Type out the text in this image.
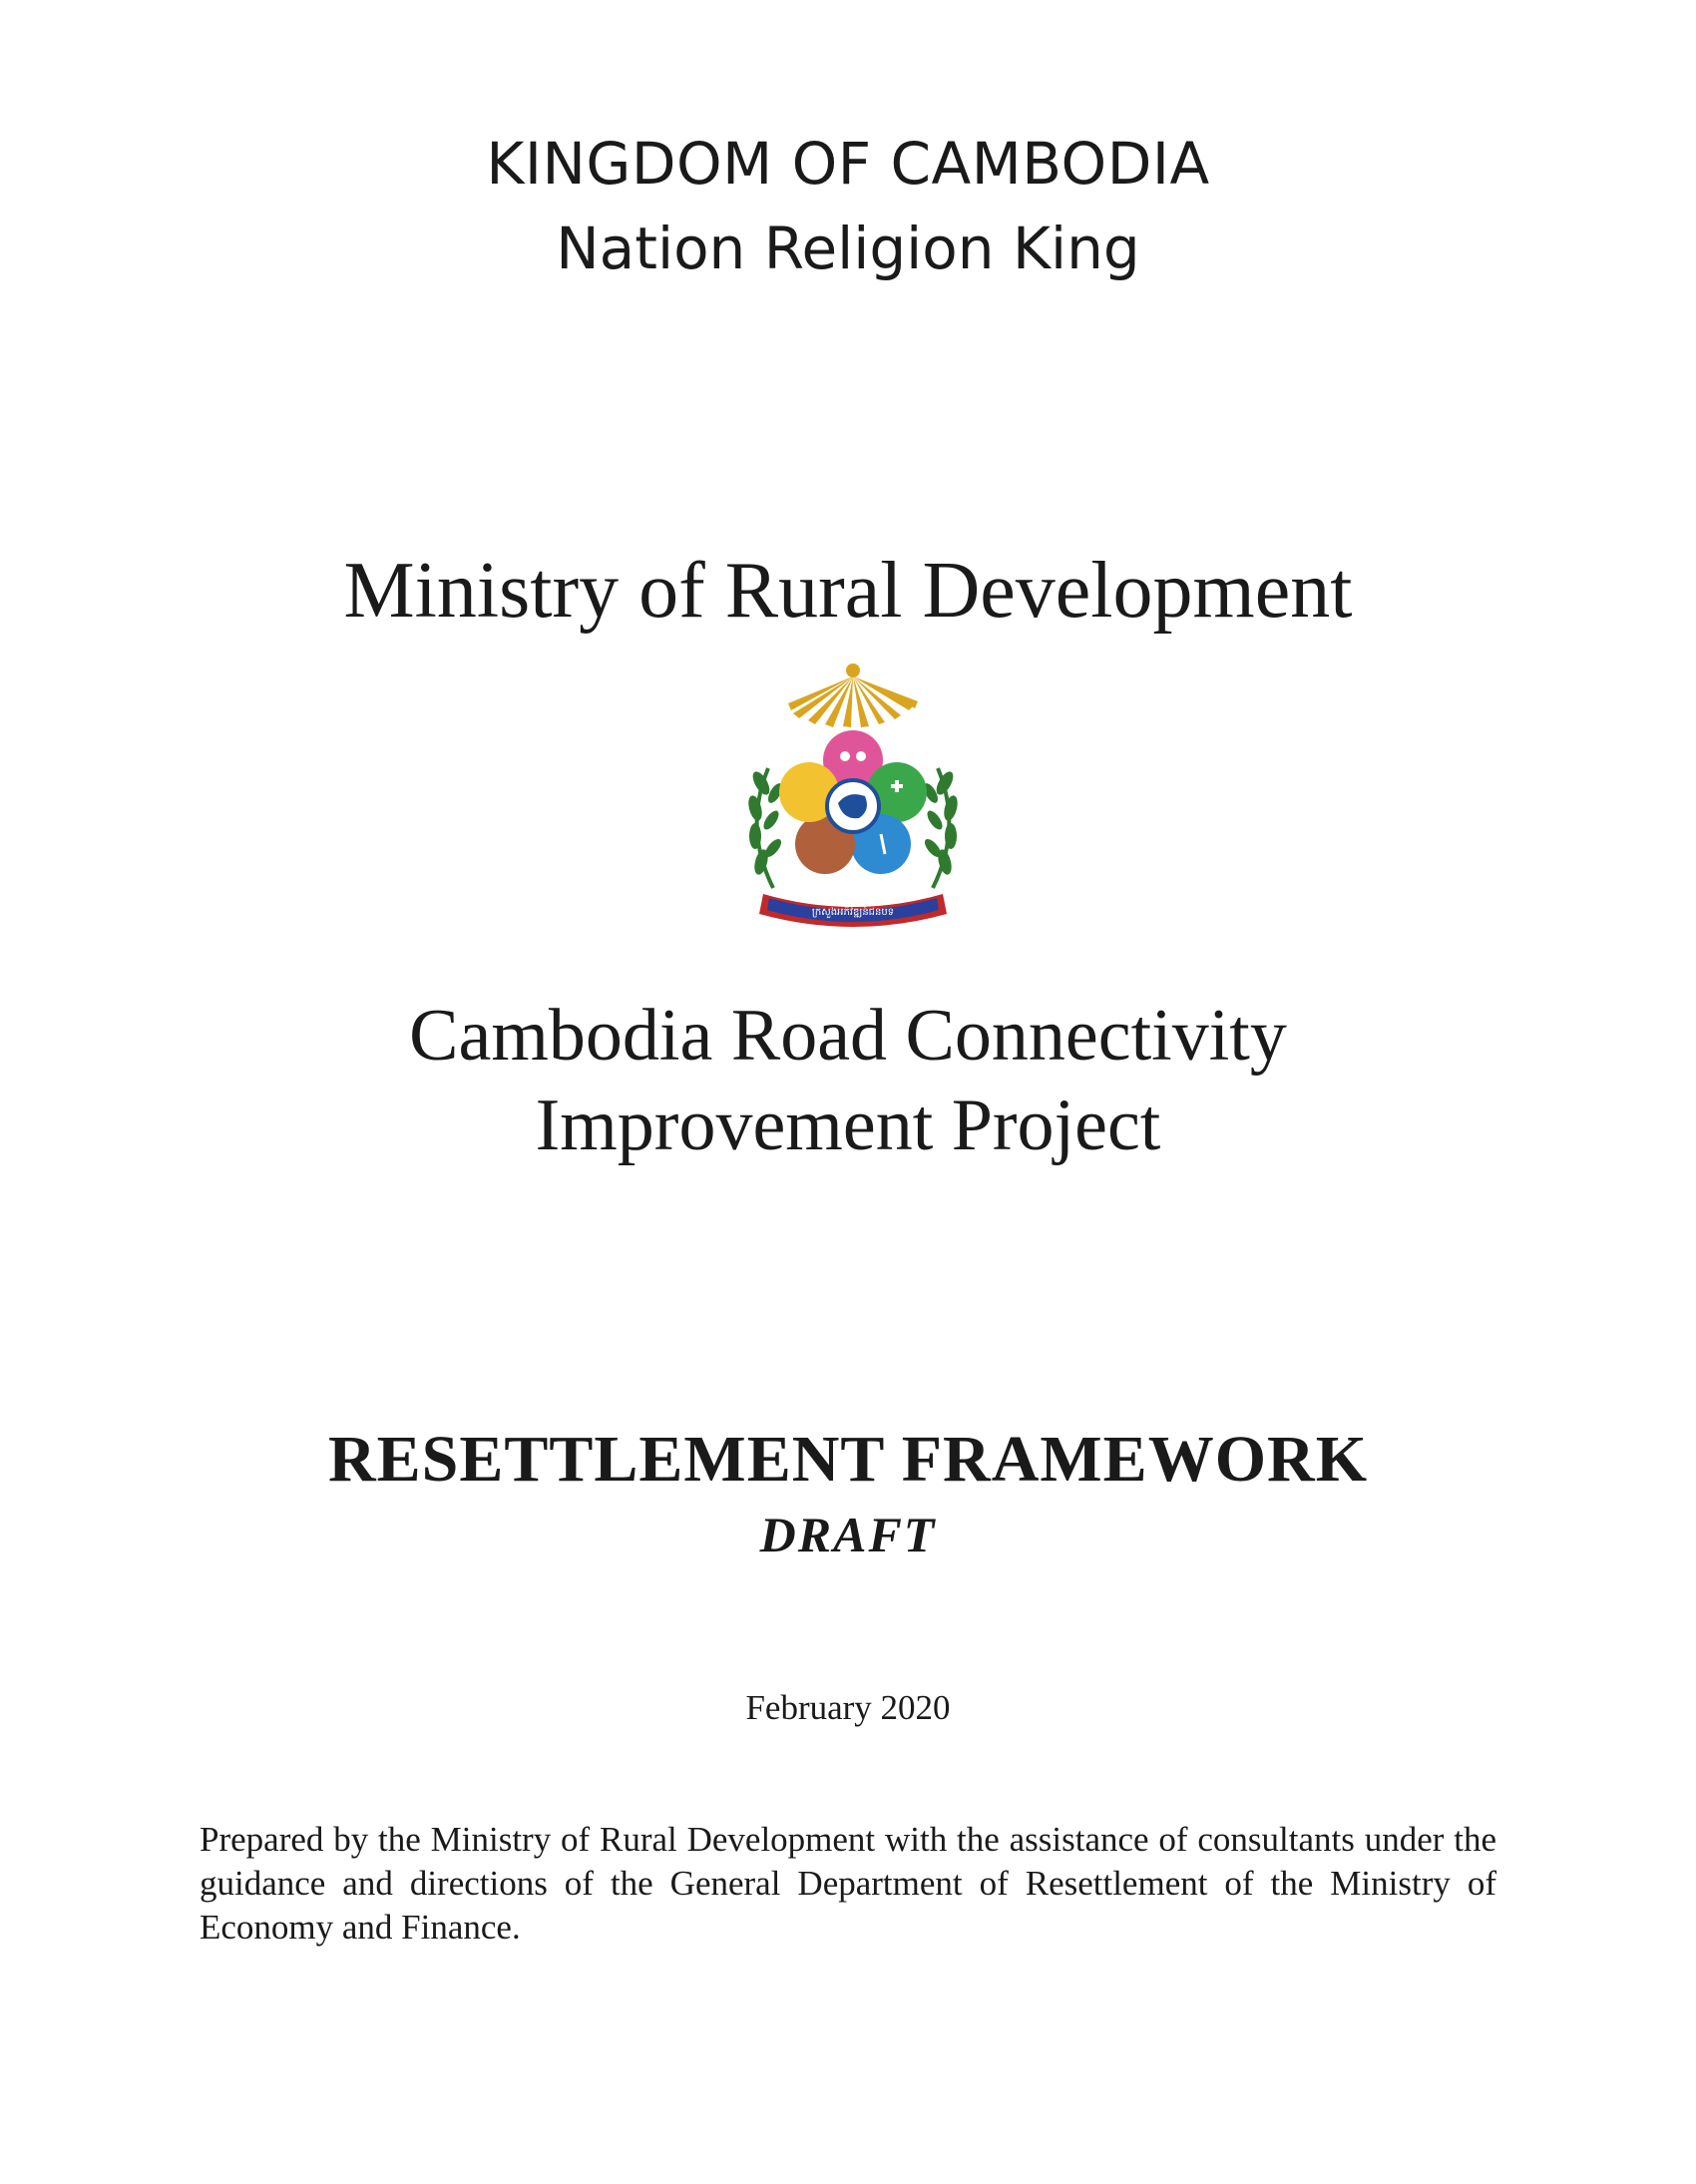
KINGDOM OF CAMBODIA

Nation Religion King

Ministry of Rural Development

ក្រសួងអភិវឌ្ឍន៍ជនបទ
Cambodia Road Connectivity
Improvement Project

RESETTLEMENT FRAMEWORK

DRAFT

February 2020

Prepared by the Ministry of Rural Development with the assistance of consultants under the guidance and directions of the General Department of Resettlement of the Ministry of Economy and Finance.
